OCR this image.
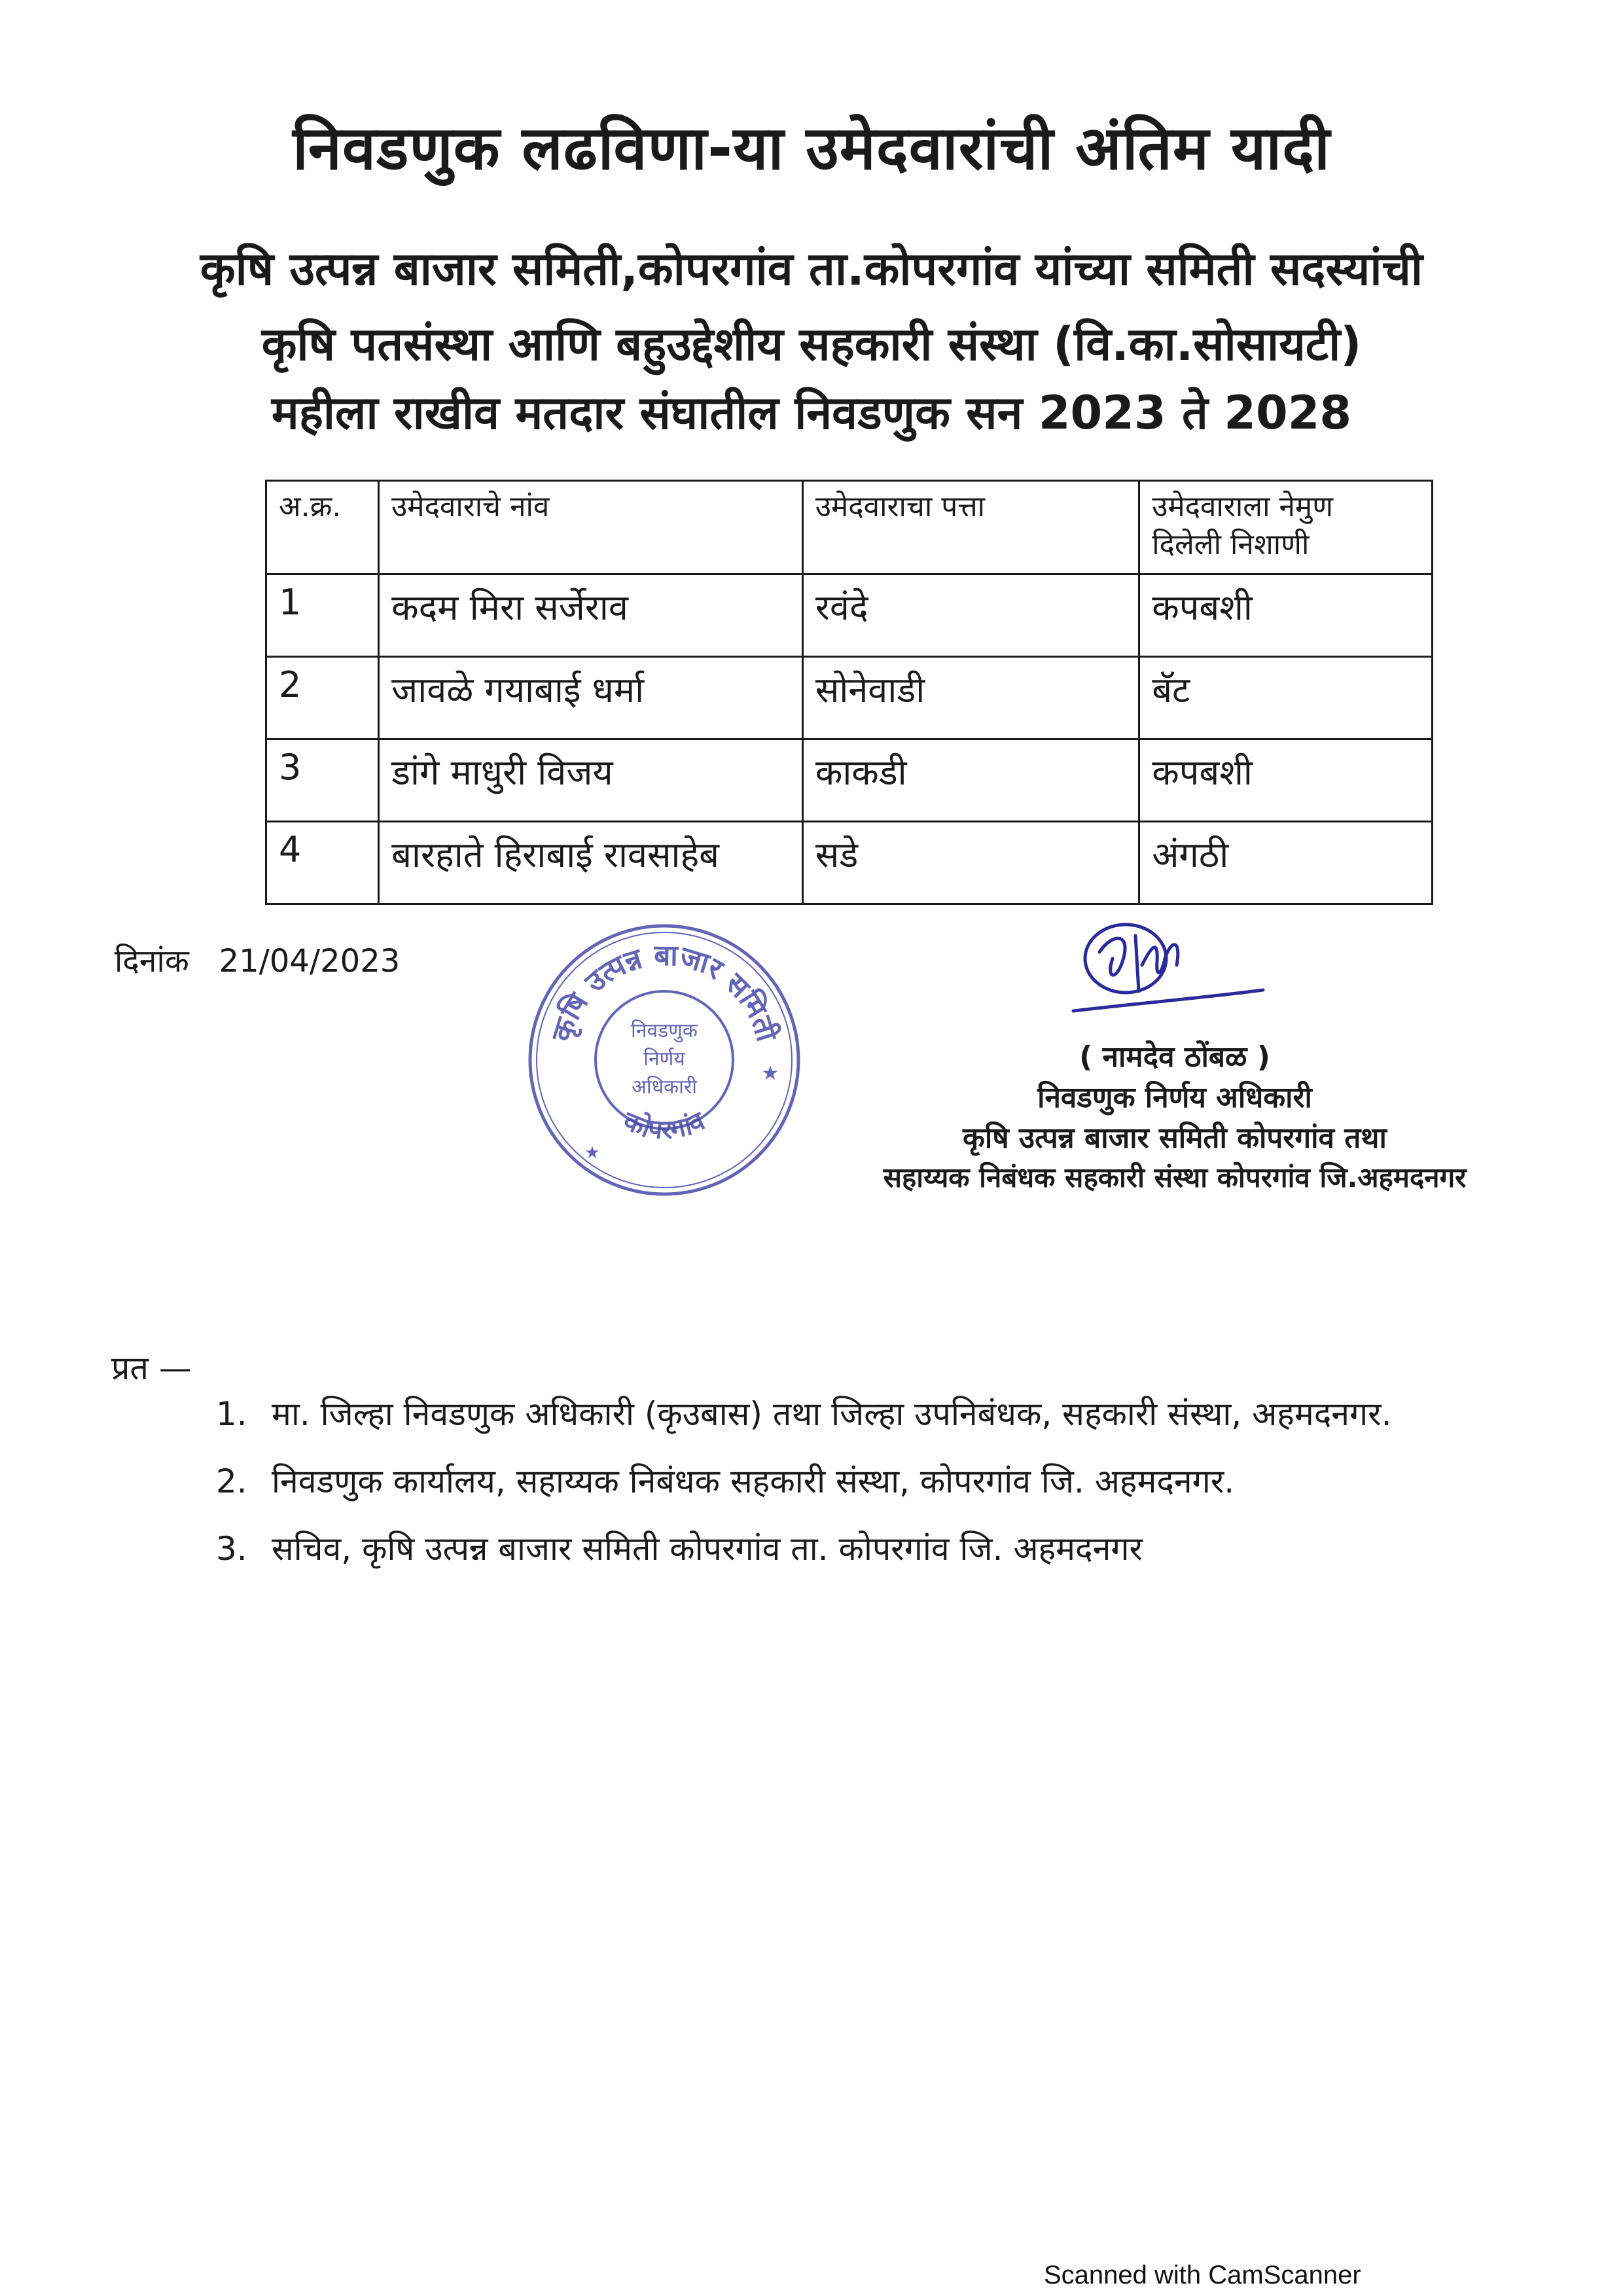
निवडणुक लढविणा-या उमेदवारांची अंतिम यादी
कृषि उत्पन्न बाजार समिती,कोपरगांव ता.कोपरगांव यांच्या समिती सदस्यांची
कृषि पतसंस्था आणि बहुउद्देशीय सहकारी संस्था (वि.का.सोसायटी)
महीला राखीव मतदार संघातील निवडणुक सन 2023 ते 2028
अ.क्र.	उमेदवाराचे नांव	उमेदवाराचा पत्ता	उमेदवाराला नेमुण
दिलेली निशाणी
1	कदम मिरा सर्जेराव	रवंदे	कपबशी
2	जावळे गयाबाई धर्मा	सोनेवाडी	बॅट
3	डांगे माधुरी विजय	काकडी	कपबशी
4	बारहाते हिराबाई रावसाहेब	सडे	अंगठी
दिनांक 21/04/2023
कृषि उत्पन्न बाजार समिती
कोपरगांव
निवडणुक
निर्णय
अधिकारी
★
★
( नामदेव ठोंबळ )
निवडणुक निर्णय अधिकारी
कृषि उत्पन्न बाजार समिती कोपरगांव तथा
सहाय्यक निबंधक सहकारी संस्था कोपरगांव जि.अहमदनगर
प्रत —
1. मा. जिल्हा निवडणुक अधिकारी (कृउबास) तथा जिल्हा उपनिबंधक, सहकारी संस्था, अहमदनगर.
2. निवडणुक कार्यालय, सहाय्यक निबंधक सहकारी संस्था, कोपरगांव जि. अहमदनगर.
3. सचिव, कृषि उत्पन्न बाजार समिती कोपरगांव ता. कोपरगांव जि. अहमदनगर
Scanned with CamScanner
